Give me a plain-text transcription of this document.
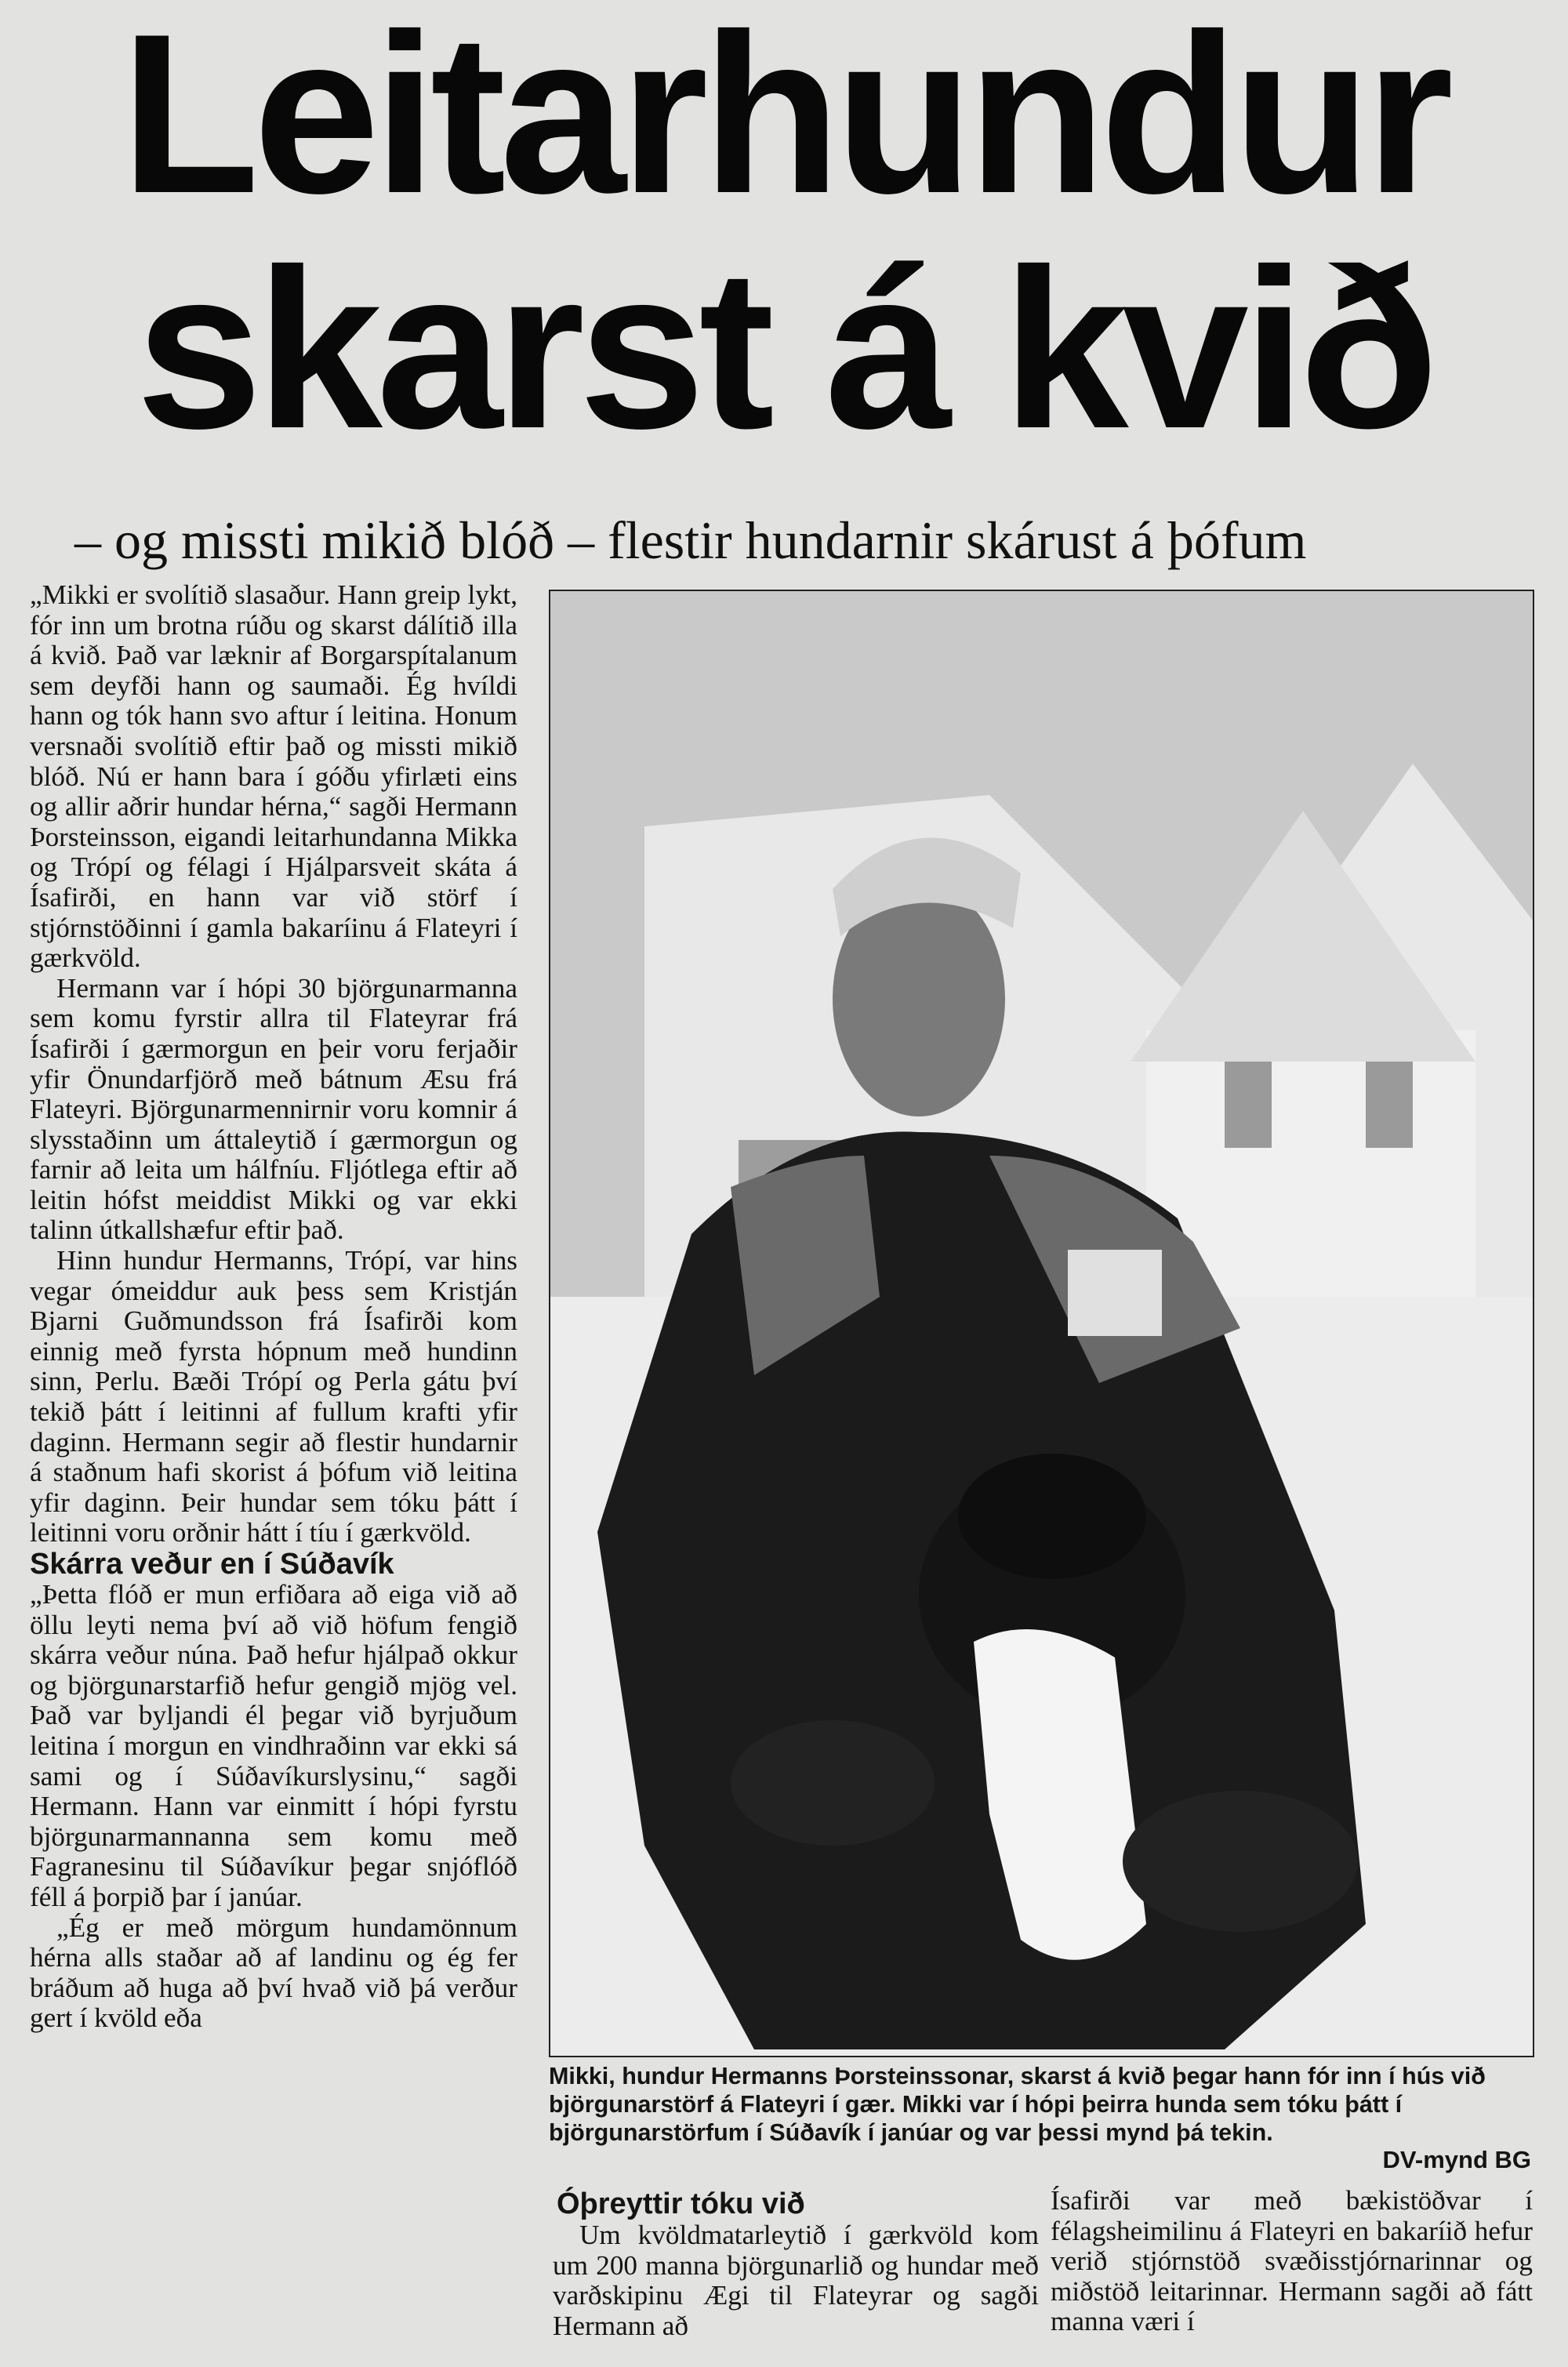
Leitarhundur
skarst á kvið
– og missti mikið blóð – flestir hundarnir skárust á þófum

„Mikki er svolítið slasaður. Hann greip lykt, fór inn um brotna rúðu og skarst dálítið illa á kvið. Það var læknir af Borgarspítalanum sem deyfði hann og saumaði. Ég hvíldi hann og tók hann svo aftur í leitina. Honum versnaði svolítið eftir það og missti mikið blóð. Nú er hann bara í góðu yfirlæti eins og allir aðrir hundar hérna,“ sagði Hermann Þorsteinsson, eigandi leitarhundanna Mikka og Trópí og félagi í Hjálparsveit skáta á Ísafirði, en hann var við störf í stjórnstöðinni í gamla bakaríinu á Flateyri í gærkvöld.

Hermann var í hópi 30 björgunarmanna sem komu fyrstir allra til Flateyrar frá Ísafirði í gærmorgun en þeir voru ferjaðir yfir Önundarfjörð með bátnum Æsu frá Flateyri. Björgunarmennirnir voru komnir á slysstaðinn um áttaleytið í gærmorgun og farnir að leita um hálfníu. Fljótlega eftir að leitin hófst meiddist Mikki og var ekki talinn útkallshæfur eftir það.

Hinn hundur Hermanns, Trópí, var hins vegar ómeiddur auk þess sem Kristján Bjarni Guðmundsson frá Ísafirði kom einnig með fyrsta hópnum með hundinn sinn, Perlu. Bæði Trópí og Perla gátu því tekið þátt í leitinni af fullum krafti yfir daginn. Hermann segir að flestir hundarnir á staðnum hafi skorist á þófum við leitina yfir daginn. Þeir hundar sem tóku þátt í leitinni voru orðnir hátt í tíu í gærkvöld.

Skárra veður en í Súðavík

„Þetta flóð er mun erfiðara að eiga við að öllu leyti nema því að við höfum fengið skárra veður núna. Það hefur hjálpað okkur og björgunarstarfið hefur gengið mjög vel. Það var byljandi él þegar við byrjuðum leitina í morgun en vindhraðinn var ekki sá sami og í Súðavíkurslysinu,“ sagði Hermann. Hann var einmitt í hópi fyrstu björgunarmannanna sem komu með Fagranesinu til Súðavíkur þegar snjóflóð féll á þorpið þar í janúar.

„Ég er með mörgum hundamönnum hérna alls staðar að af landinu og ég fer bráðum að huga að því hvað við þá verður gert í kvöld eða

Mikki, hundur Hermanns Þorsteinssonar, skarst á kvið þegar hann fór inn í hús við björgunarstörf á Flateyri í gær. Mikki var í hópi þeirra hunda sem tóku þátt í björgunarstörfum í Súðavík í janúar og var þessi mynd þá tekin.
DV-mynd BG
Óþreyttir tóku við

Um kvöldmatarleytið í gærkvöld kom um 200 manna björgunarlið og hundar með varðskipinu Ægi til Flateyrar og sagði Hermann að

Ísafirði var með bækistöðvar í félagsheimilinu á Flateyri en bakaríið hefur verið stjórnstöð svæðisstjórnarinnar og miðstöð leitarinnar. Hermann sagði að fátt manna væri í
